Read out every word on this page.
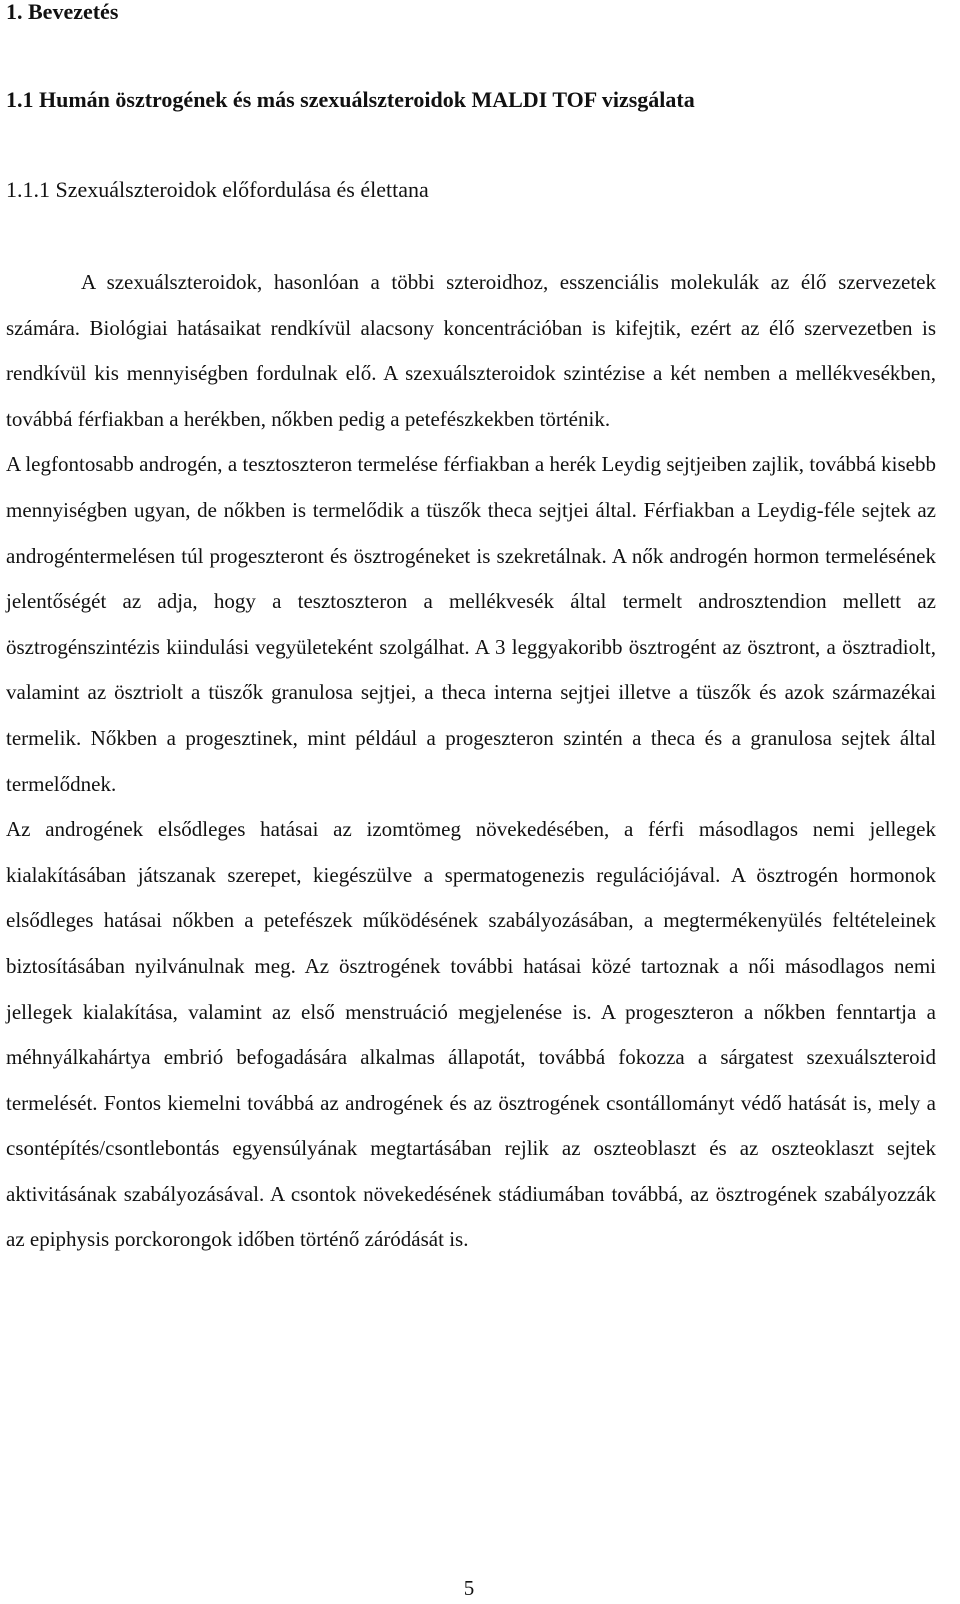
1. Bevezetés
1.1 Humán ösztrogének és más szexuálszteroidok MALDI TOF vizsgálata
1.1.1 Szexuálszteroidok előfordulása és élettana

A szexuálszteroidok, hasonlóan a többi szteroidhoz, esszenciális molekulák az élő szervezetek számára. Biológiai hatásaikat rendkívül alacsony koncentrációban is kifejtik, ezért az élő szervezetben is rendkívül kis mennyiségben fordulnak elő. A szexuálszteroidok szintézise a két nemben a mellékvesékben, továbbá férfiakban a herékben, nőkben pedig a petefészkekben történik.

A legfontosabb androgén, a tesztoszteron termelése férfiakban a herék Leydig sejtjeiben zajlik, továbbá kisebb mennyiségben ugyan, de nőkben is termelődik a tüszők theca sejtjei által. Férfiakban a Leydig-féle sejtek az androgéntermelésen túl progeszteront és ösztrogéneket is szekretálnak. A nők androgén hormon termelésének jelentőségét az adja, hogy a tesztoszteron a mellékvesék által termelt androsztendion mellett az ösztrogénszintézis kiindulási vegyületeként szolgálhat. A 3 leggyakoribb ösztrogént az ösztront, a ösztradiolt, valamint az ösztriolt a tüszők granulosa sejtjei, a theca interna sejtjei illetve a tüszők és azok származékai termelik. Nőkben a progesztinek, mint például a progeszteron szintén a theca és a granulosa sejtek által termelődnek.

Az androgének elsődleges hatásai az izomtömeg növekedésében, a férfi másodlagos nemi jellegek kialakításában játszanak szerepet, kiegészülve a spermatogenezis regulációjával. A ösztrogén hormonok elsődleges hatásai nőkben a petefészek működésének szabályozásában, a megtermékenyülés feltételeinek biztosításában nyilvánulnak meg. Az ösztrogének további hatásai közé tartoznak a női másodlagos nemi jellegek kialakítása, valamint az első menstruáció megjelenése is. A progeszteron a nőkben fenntartja a méhnyálkahártya embrió befogadására alkalmas állapotát, továbbá fokozza a sárgatest szexuálszteroid termelését. Fontos kiemelni továbbá az androgének és az ösztrogének csontállományt védő hatását is, mely a csontépítés/csontlebontás egyensúlyának megtartásában rejlik az oszteoblaszt és az oszteoklaszt sejtek aktivitásának szabályozásával. A csontok növekedésének stádiumában továbbá, az ösztrogének szabályozzák az epiphysis porckorongok időben történő záródását is.

5
